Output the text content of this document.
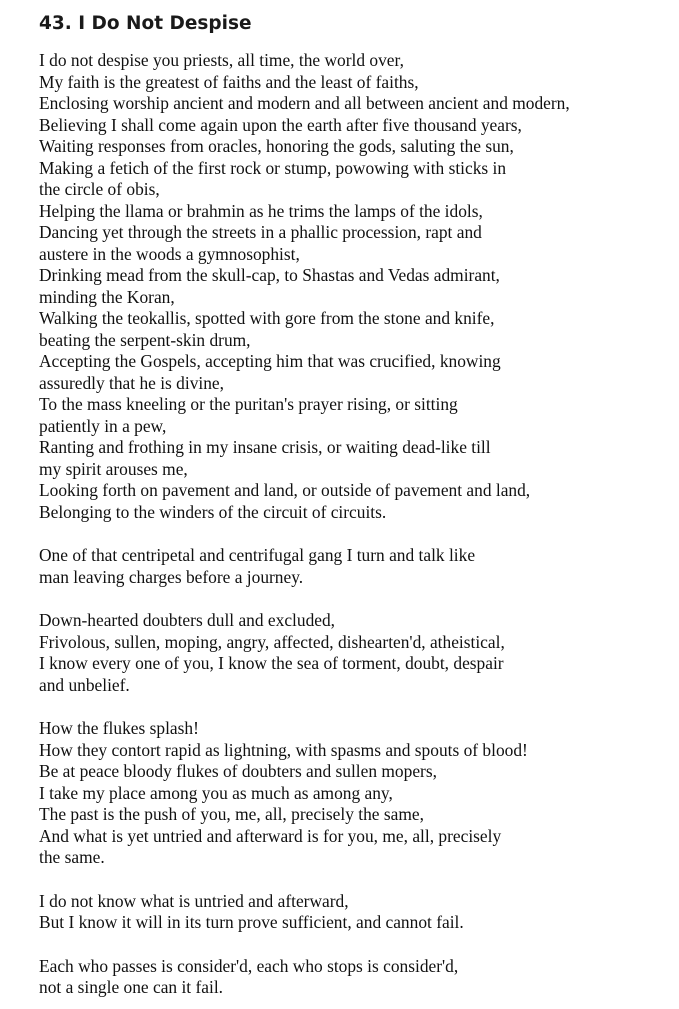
43. I Do Not Despise
I do not despise you priests, all time, the world over,
My faith is the greatest of faiths and the least of faiths,
Enclosing worship ancient and modern and all between ancient and modern,
Believing I shall come again upon the earth after five thousand years,
Waiting responses from oracles, honoring the gods, saluting the sun,
Making a fetich of the first rock or stump, powowing with sticks in
the circle of obis,
Helping the llama or brahmin as he trims the lamps of the idols,
Dancing yet through the streets in a phallic procession, rapt and
austere in the woods a gymnosophist,
Drinking mead from the skull-cap, to Shastas and Vedas admirant,
minding the Koran,
Walking the teokallis, spotted with gore from the stone and knife,
beating the serpent-skin drum,
Accepting the Gospels, accepting him that was crucified, knowing
assuredly that he is divine,
To the mass kneeling or the puritan's prayer rising, or sitting
patiently in a pew,
Ranting and frothing in my insane crisis, or waiting dead-like till
my spirit arouses me,
Looking forth on pavement and land, or outside of pavement and land,
Belonging to the winders of the circuit of circuits.
One of that centripetal and centrifugal gang I turn and talk like
man leaving charges before a journey.
Down-hearted doubters dull and excluded,
Frivolous, sullen, moping, angry, affected, dishearten'd, atheistical,
I know every one of you, I know the sea of torment, doubt, despair
and unbelief.
How the flukes splash!
How they contort rapid as lightning, with spasms and spouts of blood!
Be at peace bloody flukes of doubters and sullen mopers,
I take my place among you as much as among any,
The past is the push of you, me, all, precisely the same,
And what is yet untried and afterward is for you, me, all, precisely
the same.
I do not know what is untried and afterward,
But I know it will in its turn prove sufficient, and cannot fail.
Each who passes is consider'd, each who stops is consider'd,
not a single one can it fail.
